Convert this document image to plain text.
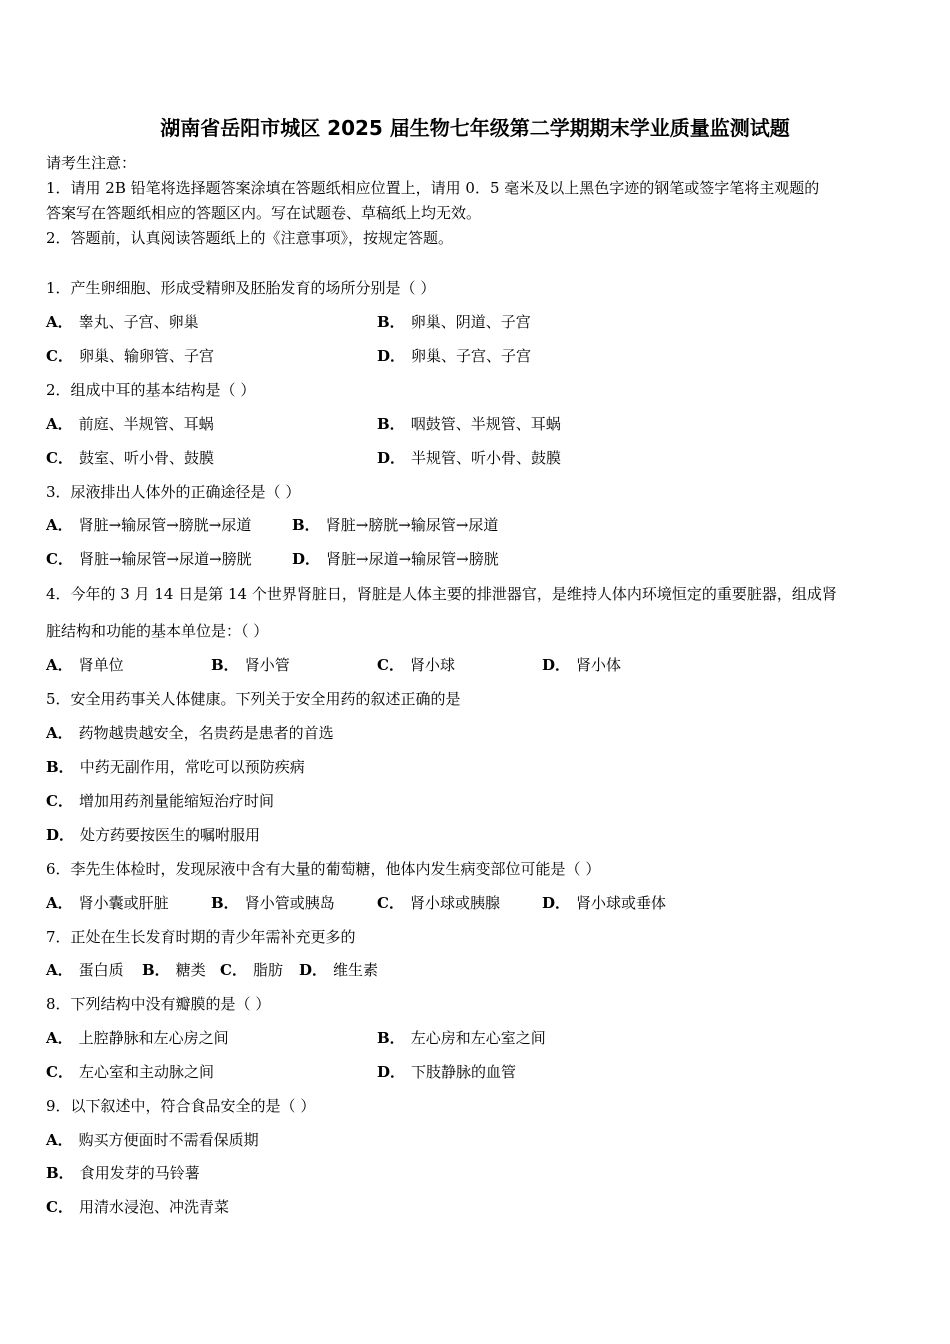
湖南省岳阳市城区 2025 届生物七年级第二学期期末学业质量监测试题
请考生注意：
1．请用 2B 铅笔将选择题答案涂填在答题纸相应位置上，请用 0．5 毫米及以上黑色字迹的钢笔或签字笔将主观题的
答案写在答题纸相应的答题区内。写在试题卷、草稿纸上均无效。
2．答题前，认真阅读答题纸上的《注意事项》，按规定答题。
1．产生卵细胞、形成受精卵及胚胎发育的场所分别是（ ）
A． 睾丸、子宫、卵巢	B． 卵巢、阴道、子宫
C． 卵巢、输卵管、子宫	D． 卵巢、子宫、子宫
2．组成中耳的基本结构是（ ）
A． 前庭、半规管、耳蜗	B． 咽鼓管、半规管、耳蜗
C． 鼓室、听小骨、鼓膜	D． 半规管、听小骨、鼓膜
3．尿液排出人体外的正确途径是（ ）
A． 肾脏→输尿管→膀胱→尿道	B． 肾脏→膀胱→输尿管→尿道
C． 肾脏→输尿管→尿道→膀胱	D． 肾脏→尿道→输尿管→膀胱
4．今年的 3 月 14 日是第 14 个世界肾脏日，肾脏是人体主要的排泄器官，是维持人体内环境恒定的重要脏器，组成肾
脏结构和功能的基本单位是：（ ）
A． 肾单位	B． 肾小管	C． 肾小球	D． 肾小体
5．安全用药事关人体健康。下列关于安全用药的叙述正确的是
A． 药物越贵越安全，名贵药是患者的首选
B． 中药无副作用，常吃可以预防疾病
C． 增加用药剂量能缩短治疗时间
D． 处方药要按医生的嘱咐服用
6．李先生体检时，发现尿液中含有大量的葡萄糖，他体内发生病变部位可能是（ ）
A． 肾小囊或肝脏	B． 肾小管或胰岛	C． 肾小球或胰腺	D． 肾小球或垂体
7．正处在生长发育时期的青少年需补充更多的
A． 蛋白质 B． 糖类 C． 脂肪 D． 维生素
8．下列结构中没有瓣膜的是（ ）
A． 上腔静脉和左心房之间	B． 左心房和左心室之间
C． 左心室和主动脉之间	D． 下肢静脉的血管
9．以下叙述中，符合食品安全的是（ ）
A． 购买方便面时不需看保质期
B． 食用发芽的马铃薯
C． 用清水浸泡、冲洗青菜
